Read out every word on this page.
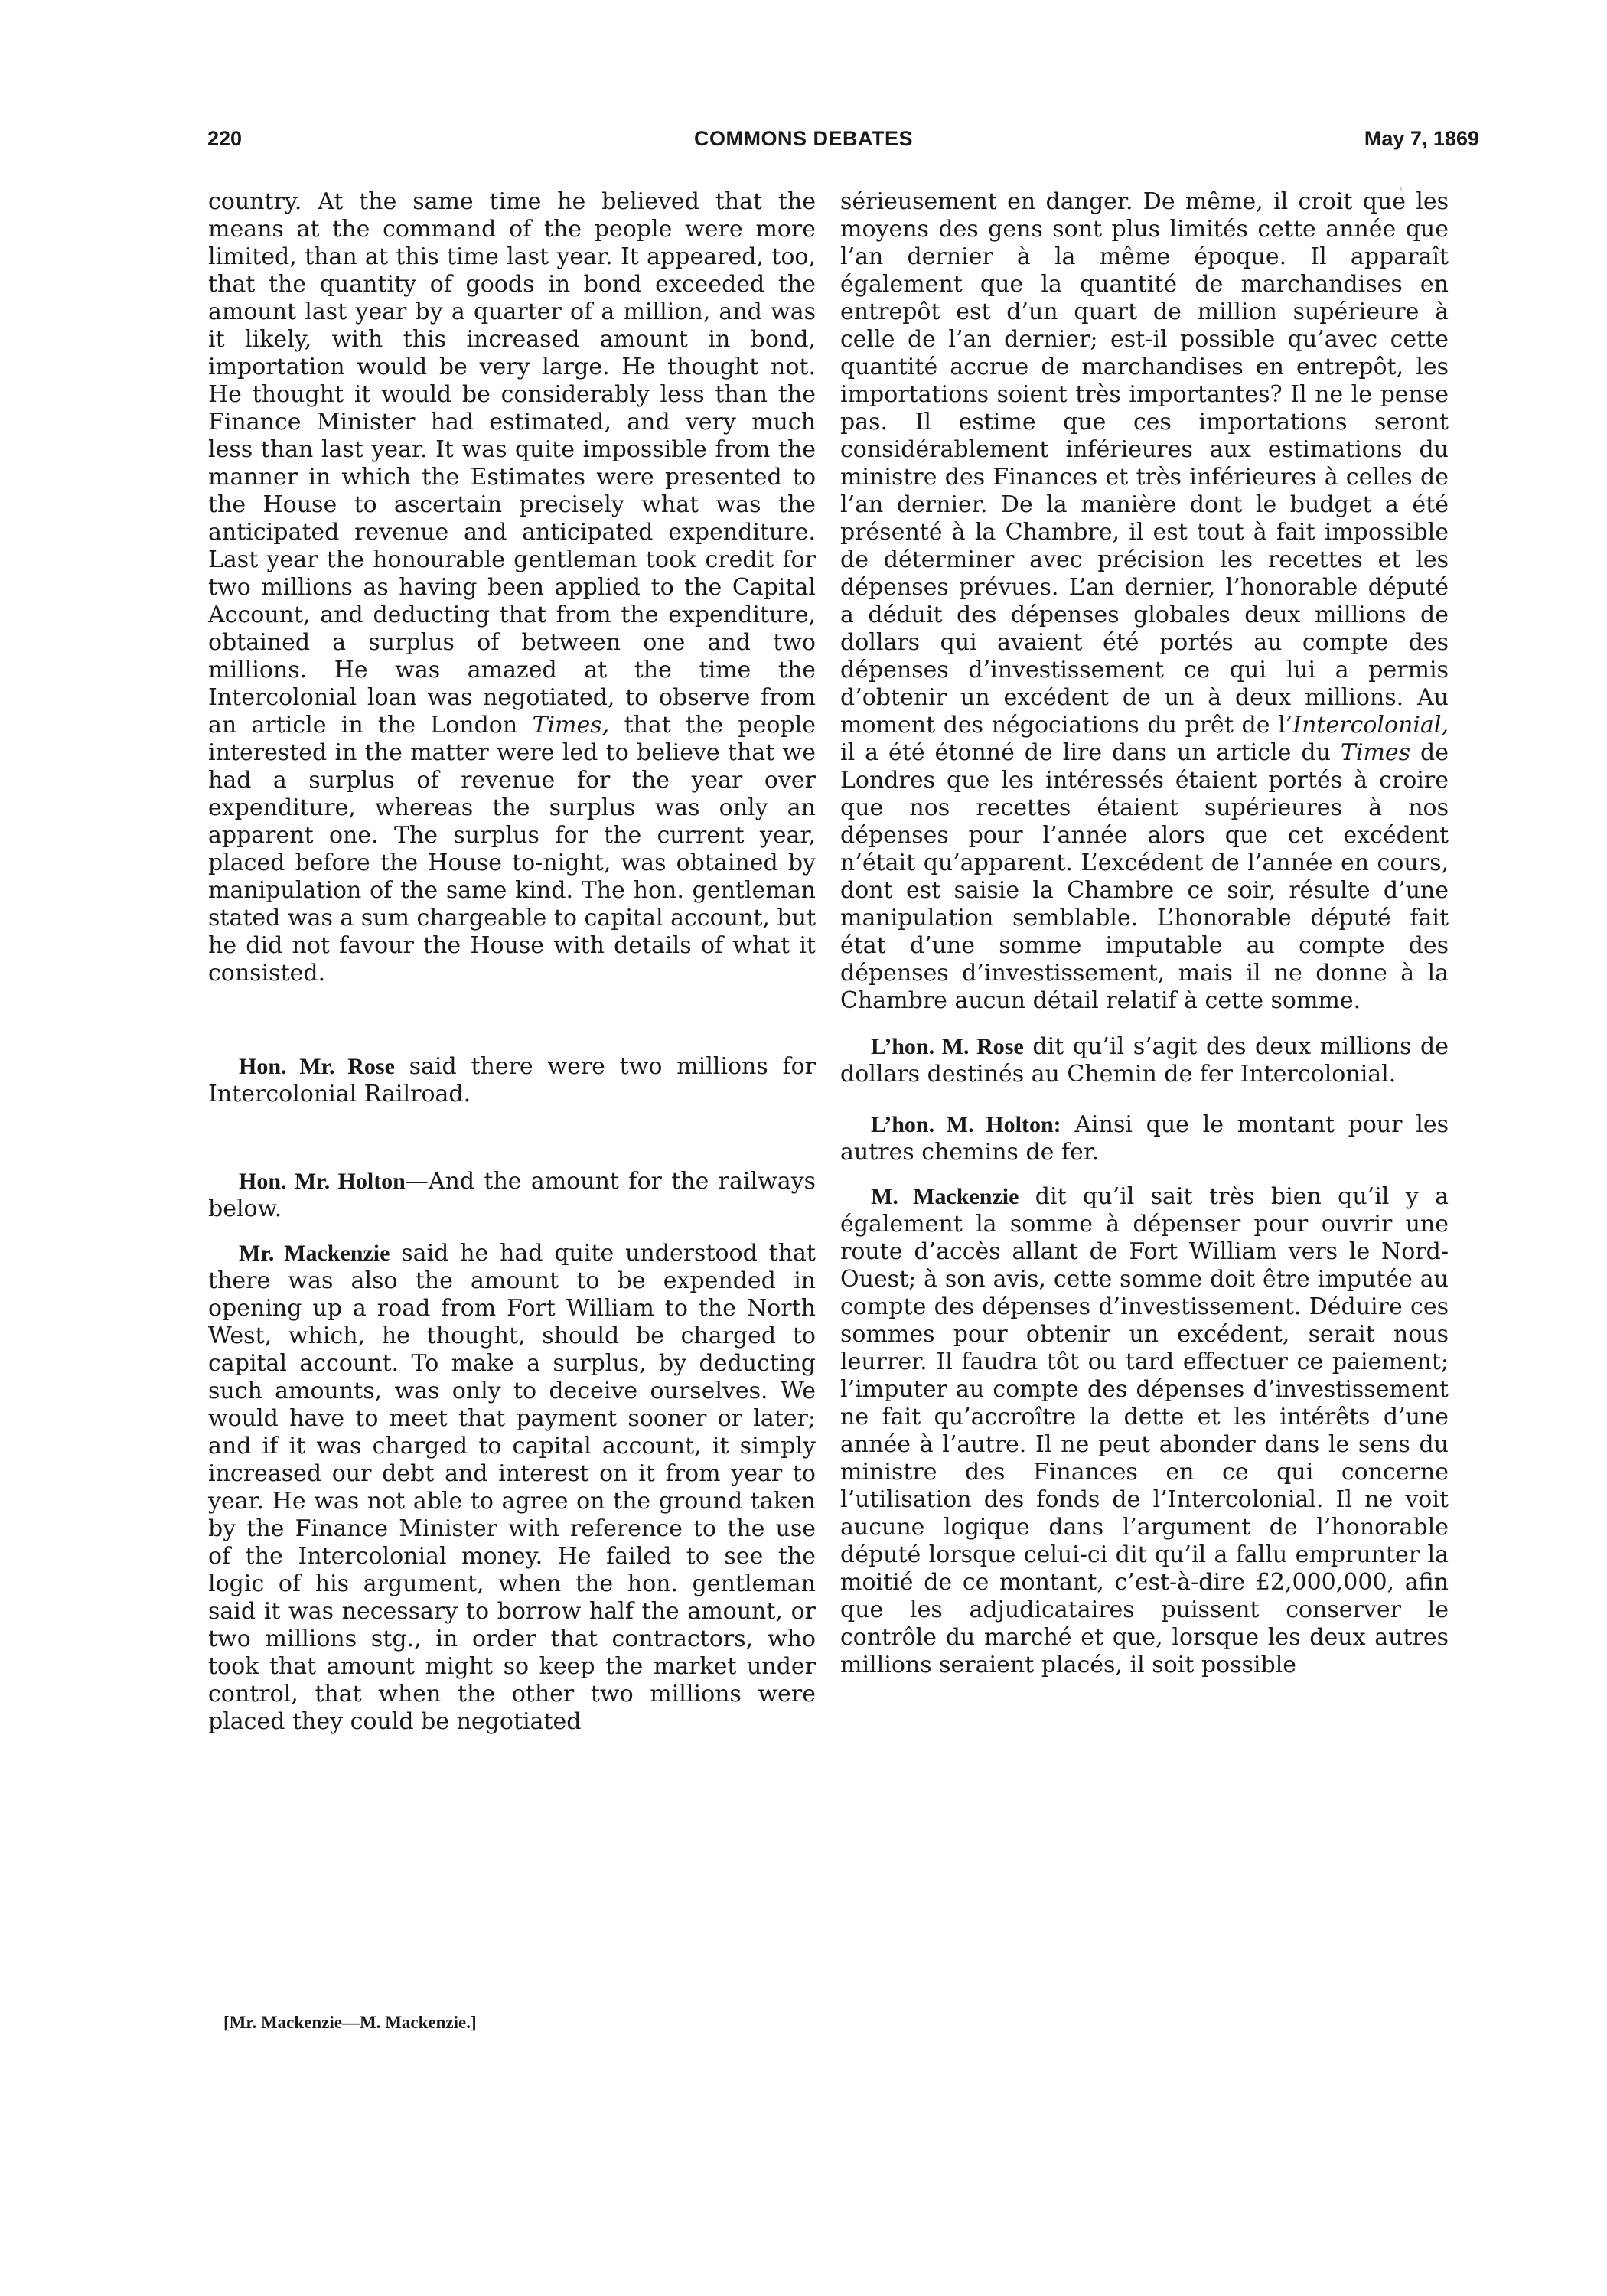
COMMONS DEBATES
220	May 7, 1869

country. At the same time he believed that the means at the command of the people were more limited, than at this time last year. It appeared, too, that the quantity of goods in bond exceeded the amount last year by a quarter of a million, and was it likely, with this increased amount in bond, importation would be very large. He thought not. He thought it would be considerably less than the Finance Minister had estimated, and very much less than last year. It was quite impossible from the manner in which the Estimates were presented to the House to ascertain precisely what was the anticipated revenue and anticipated expenditure. Last year the honourable gentleman took credit for two millions as having been applied to the Capital Account, and deducting that from the expenditure, obtained a surplus of between one and two millions. He was amazed at the time the Intercolonial loan was negotiated, to observe from an article in the London Times, that the people interested in the matter were led to believe that we had a surplus of revenue for the year over expenditure, whereas the surplus was only an apparent one. The surplus for the current year, placed before the House to-night, was obtained by manipulation of the same kind. The hon. gentleman stated was a sum chargeable to capital account, but he did not favour the House with details of what it consisted.

Hon. Mr. Rose said there were two millions for Intercolonial Railroad.

Hon. Mr. Holton—And the amount for the railways below.

Mr. Mackenzie said he had quite understood that there was also the amount to be expended in opening up a road from Fort William to the North West, which, he thought, should be charged to capital account. To make a surplus, by deducting such amounts, was only to deceive ourselves. We would have to meet that payment sooner or later; and if it was charged to capital account, it simply increased our debt and interest on it from year to year. He was not able to agree on the ground taken by the Finance Minister with reference to the use of the Intercolonial money. He failed to see the logic of his argument, when the hon. gentleman said it was necessary to borrow half the amount, or two millions stg., in order that contractors, who took that amount might so keep the market under control, that when the other two millions were placed they could be negotiated

sérieusement en danger. De même, il croit que les moyens des gens sont plus limités cette année que l’an dernier à la même époque. Il apparaît également que la quantité de marchandises en entrepôt est d’un quart de million supérieure à celle de l’an dernier; est-il possible qu’avec cette quantité accrue de marchandises en entrepôt, les importations soient très importantes? Il ne le pense pas. Il estime que ces importations seront considérablement inférieures aux estimations du ministre des Finances et très inférieures à celles de l’an dernier. De la manière dont le budget a été présenté à la Chambre, il est tout à fait impossible de déterminer avec précision les recettes et les dépenses prévues. L’an dernier, l’honorable député a déduit des dépenses globales deux millions de dollars qui avaient été portés au compte des dépenses d’investissement ce qui lui a permis d’obtenir un excédent de un à deux millions. Au moment des négociations du prêt de l’Intercolonial, il a été étonné de lire dans un article du Times de Londres que les intéressés étaient portés à croire que nos recettes étaient supérieures à nos dépenses pour l’année alors que cet excédent n’était qu’apparent. L’excédent de l’année en cours, dont est saisie la Chambre ce soir, résulte d’une manipulation semblable. L’honorable député fait état d’une somme imputable au compte des dépenses d’investissement, mais il ne donne à la Chambre aucun détail relatif à cette somme.

L’hon. M. Rose dit qu’il s’agit des deux millions de dollars destinés au Chemin de fer Intercolonial.

L’hon. M. Holton: Ainsi que le montant pour les autres chemins de fer.

M. Mackenzie dit qu’il sait très bien qu’il y a également la somme à dépenser pour ouvrir une route d’accès allant de Fort William vers le Nord-Ouest; à son avis, cette somme doit être imputée au compte des dépenses d’investissement. Déduire ces sommes pour obtenir un excédent, serait nous leurrer. Il faudra tôt ou tard effectuer ce paiement; l’imputer au compte des dépenses d’investissement ne fait qu’accroître la dette et les intérêts d’une année à l’autre. Il ne peut abonder dans le sens du ministre des Finances en ce qui concerne l’utilisation des fonds de l’Intercolonial. Il ne voit aucune logique dans l’argument de l’honorable député lorsque celui-ci dit qu’il a fallu emprunter la moitié de ce montant, c’est-à-dire £2,000,000, afin que les adjudicataires puissent conserver le contrôle du marché et que, lorsque les deux autres millions seraient placés, il soit possible

[Mr. Mackenzie—M. Mackenzie.]
